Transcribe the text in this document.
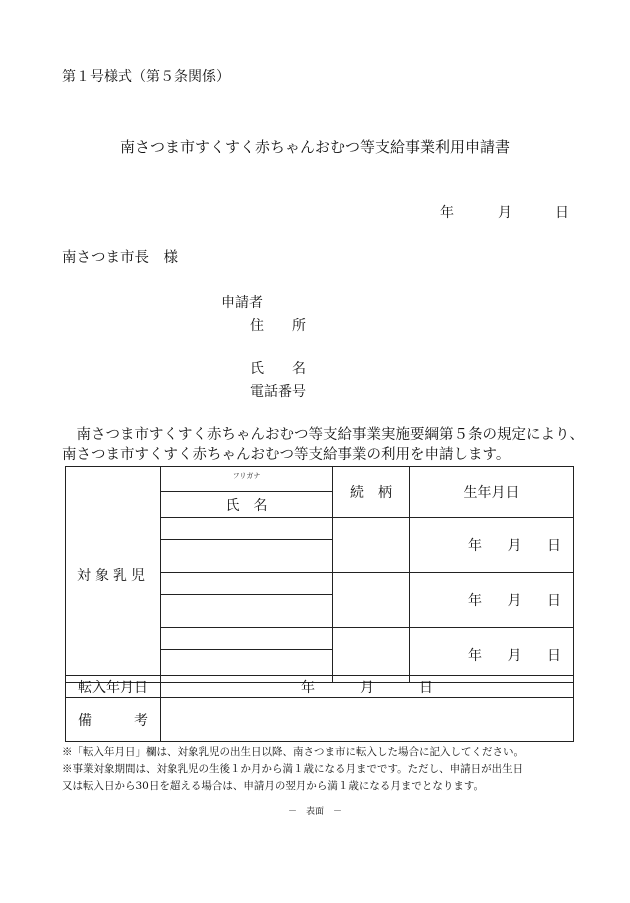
第１号様式（第５条関係）
南さつま市すくすく赤ちゃんおむつ等支給事業利用申請書
年	月	日
南さつま市長　様
申請者
住　　所
氏　　名
電話番号
　南さつま市すくすく赤ちゃんおむつ等支給事業実施要綱第５条の規定により、
南さつま市すくすく赤ちゃんおむつ等支給事業の利用を申請します。
対象乳児	フリガナ	続　柄	生年月日
	氏　名		

			年 月 日

			年 月 日

			年 月 日

転入年月日	年 月 日

備　　　考	
※「転入年月日」欄は、対象乳児の出生日以降、南さつま市に転入した場合に記入してください。
※事業対象期間は、対象乳児の生後１か月から満１歳になる月までです。ただし、申請日が出生日
又は転入日から30日を超える場合は、申請月の翌月から満１歳になる月までとなります。
－　表面　－
